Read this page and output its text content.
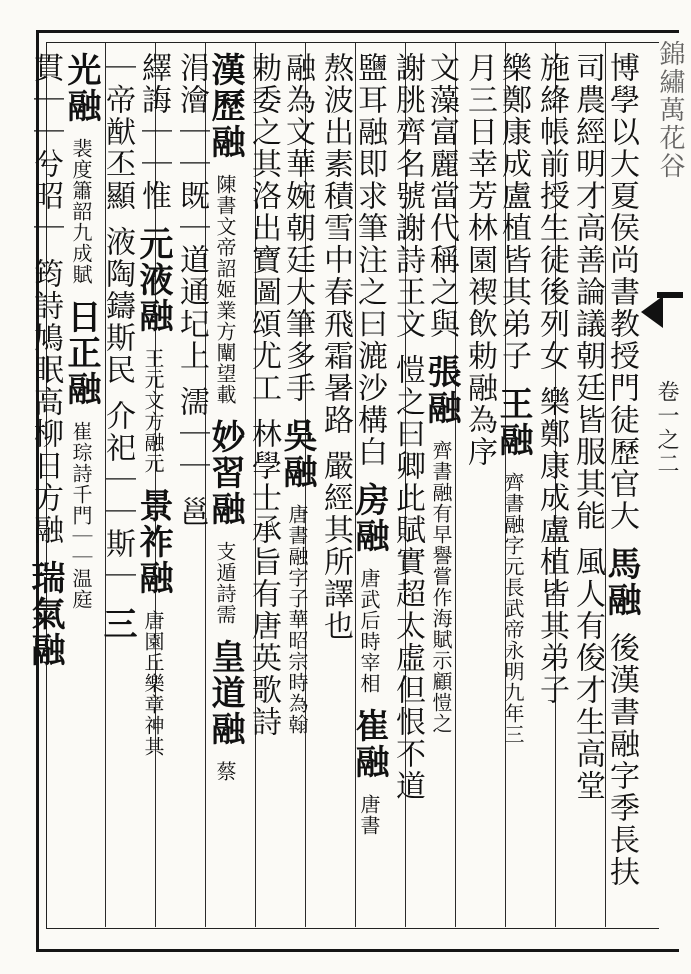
錦繡萬花谷
卷一之二
博學以大夏侯尚書教授門徒歷官大馬融後漢書融字季長扶
司農經明才高善論議朝廷皆服其能風人有俊才生高堂
施絳帳前授生徒後列女樂鄭康成盧植皆其弟子
樂鄭康成盧植皆其弟子王融齊書融字元長武帝永明九年三
月三日幸芳林園褉飲勅融為序
文藻富麗當代稱之與張融齊書融有早譽嘗作海賦示顧愷之
謝朓齊名號謝詩王文愷之曰卿此賦實超太虛但恨不道
鹽耳融即求筆注之曰漉沙構白房融唐武后時宰相崔融唐書
熬波出素積雪中春飛霜暑路嚴經其所譯也
融為文華婉朝廷大筆多手吳融唐書融字子華昭宗時為翰
勅委之其洛出寶圖頌尤工林學士承旨有唐英歌詩
漢歷融陳書文帝詔姬業方闡望載妙習融支遁詩需皇道融蔡
涓澮｜｜既｜道通圮上濡｜｜邕
繹誨｜｜惟元液融王元文方融元景祚融唐園丘樂章神其
｜帝猷丕顯液陶鑄斯民介祀｜｜斯｜三
光融裴度簫韶九成賦日正融崔琮詩千門｜｜温庭
貫｜｜兮昭｜筠詩鳩眠高柳日方融瑞氣融
